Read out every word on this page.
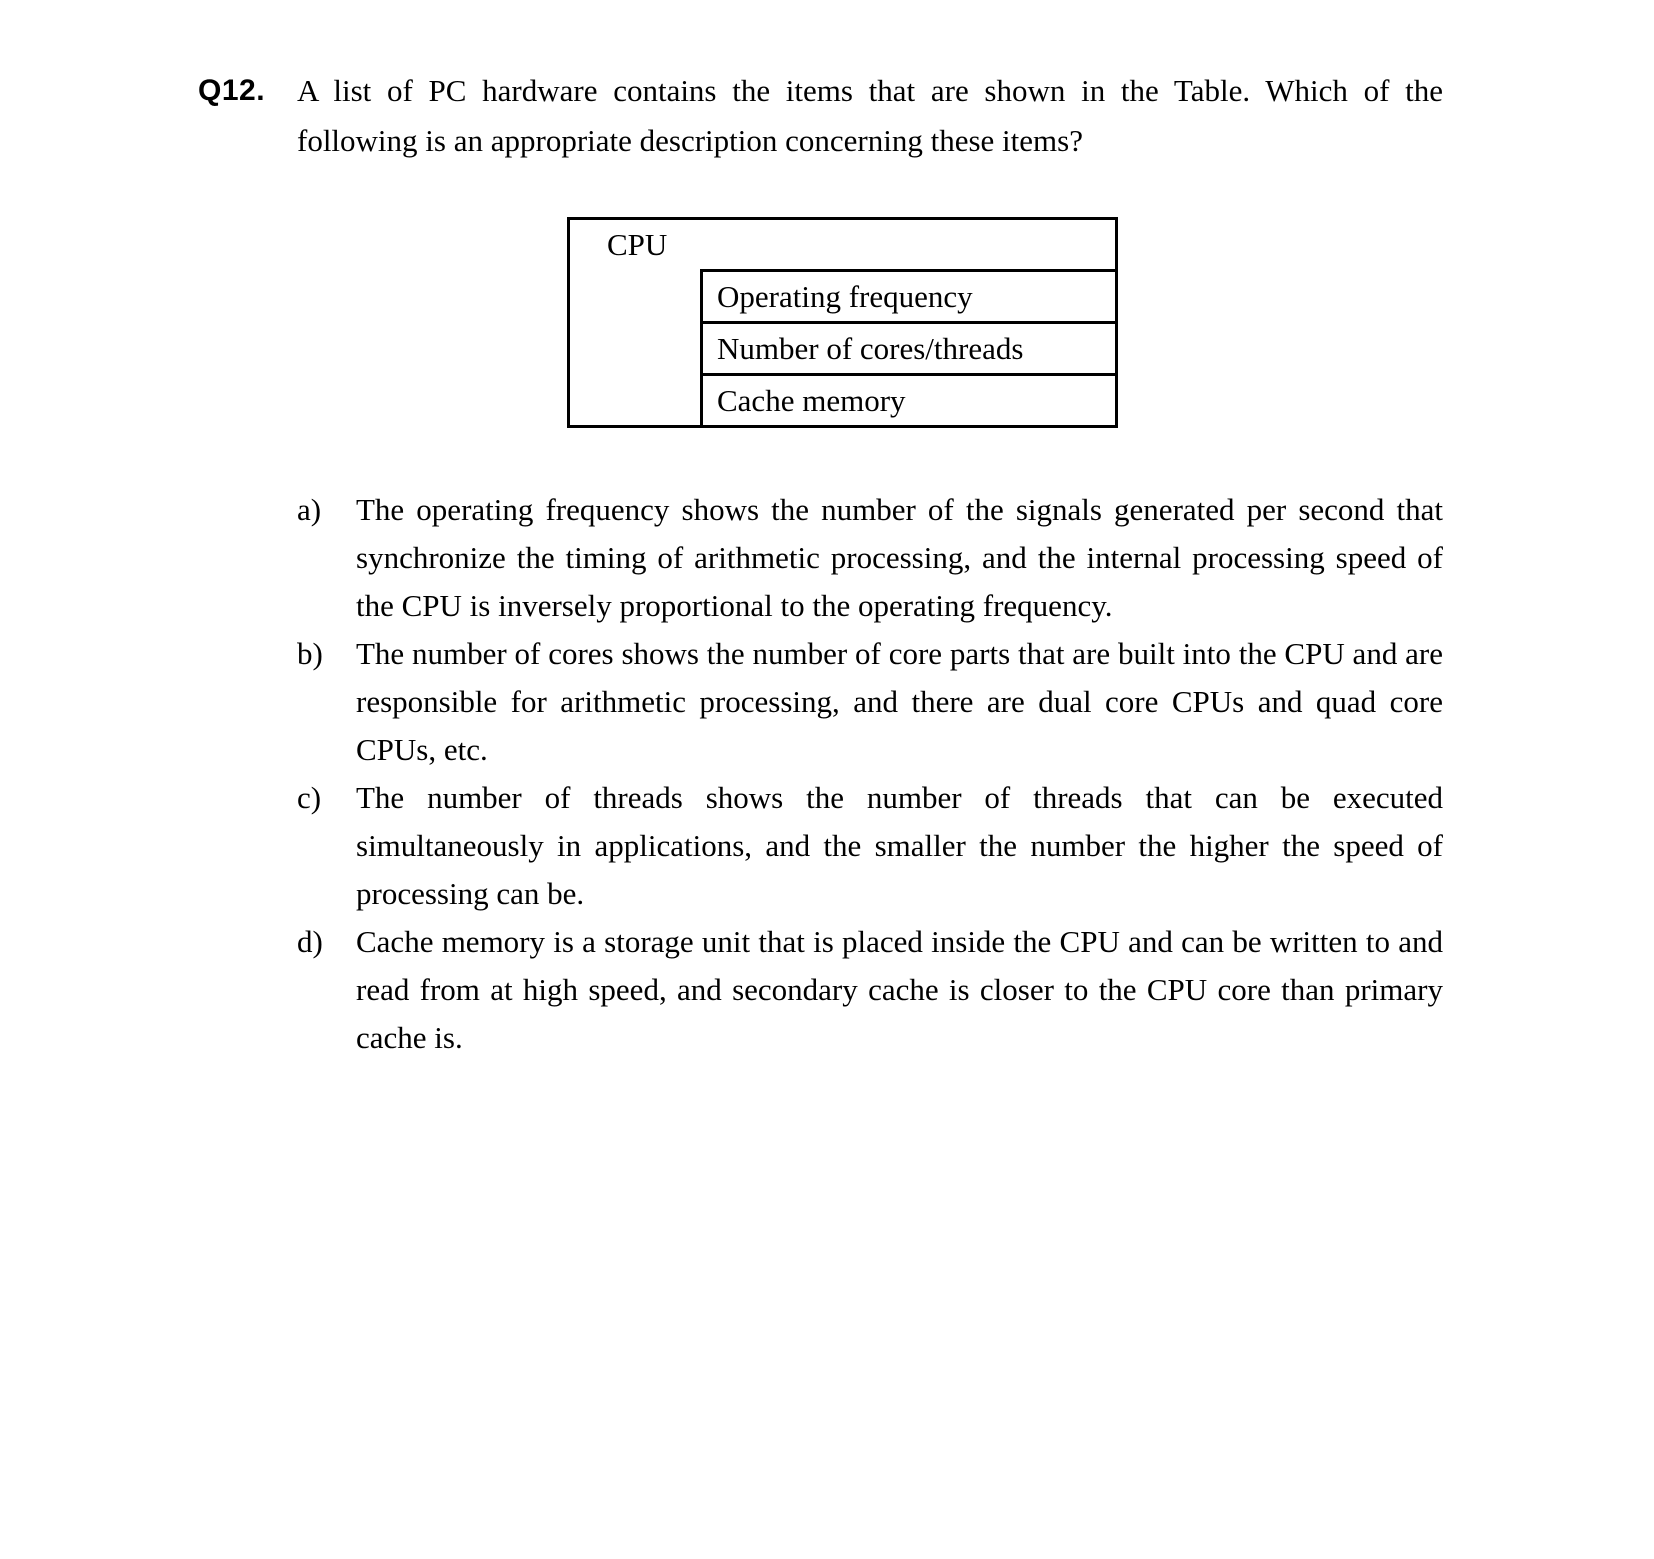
Q12. A list of PC hardware contains the items that are shown in the Table. Which of the following is an appropriate description concerning these items?
CPU
Operating frequency
Number of cores/threads
Cache memory
a) The operating frequency shows the number of the signals generated per second that synchronize the timing of arithmetic processing, and the internal processing speed of the CPU is inversely proportional to the operating frequency.
b) The number of cores shows the number of core parts that are built into the CPU and are responsible for arithmetic processing, and there are dual core CPUs and quad core CPUs, etc.
c) The number of threads shows the number of threads that can be executed simultaneously in applications, and the smaller the number the higher the speed of processing can be.
d) Cache memory is a storage unit that is placed inside the CPU and can be written to and read from at high speed, and secondary cache is closer to the CPU core than primary cache is.
